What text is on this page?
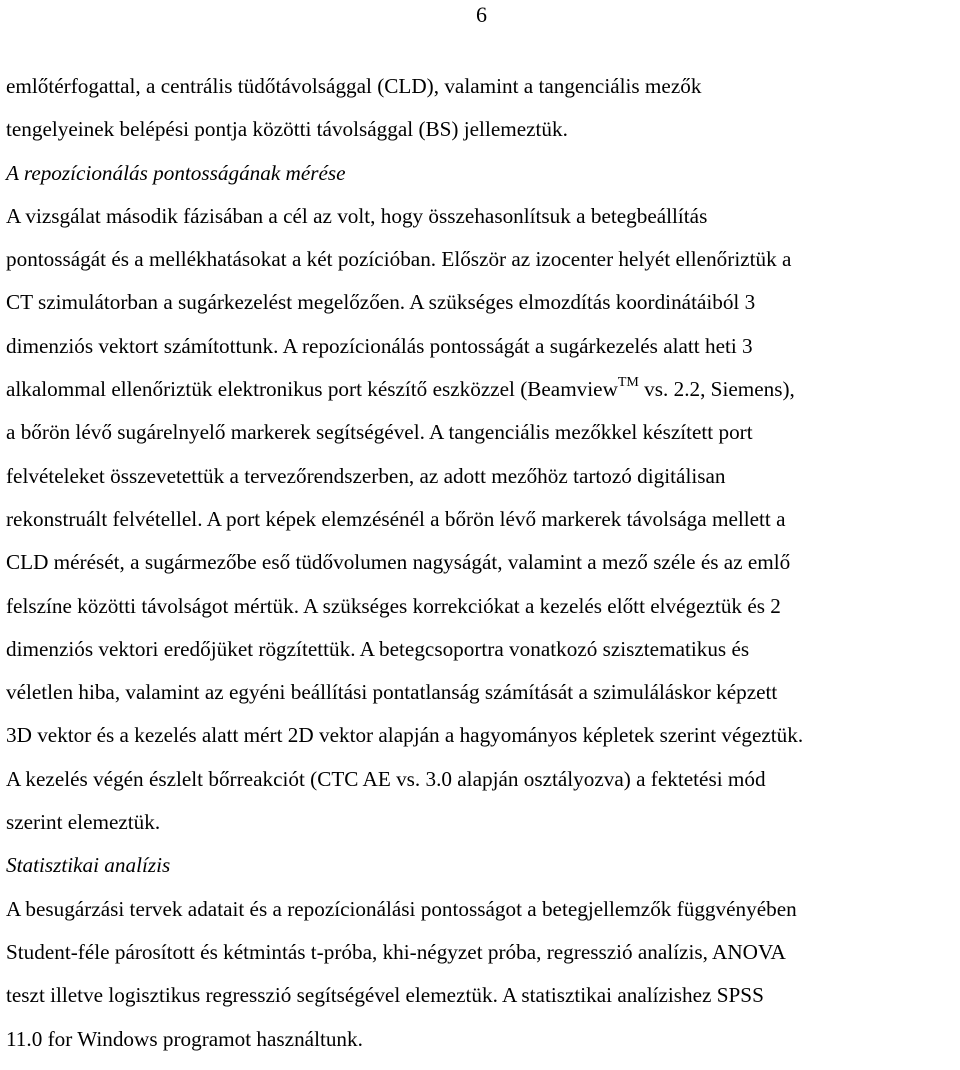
6
emlőtérfogattal, a centrális tüdőtávolsággal (CLD), valamint a tangenciális mezők
tengelyeinek belépési pontja közötti távolsággal (BS) jellemeztük.
A repozícionálás pontosságának mérése
A vizsgálat második fázisában a cél az volt, hogy összehasonlítsuk a betegbeállítás
pontosságát és a mellékhatásokat a két pozícióban. Először az izocenter helyét ellenőriztük a
CT szimulátorban a sugárkezelést megelőzően. A szükséges elmozdítás koordinátáiból 3
dimenziós vektort számítottunk. A repozícionálás pontosságát a sugárkezelés alatt heti 3
alkalommal ellenőriztük elektronikus port készítő eszközzel (Beamview™ vs. 2.2, Siemens),
a bőrön lévő sugárelnyelő markerek segítségével. A tangenciális mezőkkel készített port
felvételeket összevetettük a tervezőrendszerben, az adott mezőhöz tartozó digitálisan
rekonstruált felvétellel. A port képek elemzésénél a bőrön lévő markerek távolsága mellett a
CLD mérését, a sugármezőbe eső tüdővolumen nagyságát, valamint a mező széle és az emlő
felszíne közötti távolságot mértük. A szükséges korrekciókat a kezelés előtt elvégeztük és 2
dimenziós vektori eredőjüket rögzítettük. A betegcsoportra vonatkozó szisztematikus és
véletlen hiba, valamint az egyéni beállítási pontatlanság számítását a szimuláláskor képzett
3D vektor és a kezelés alatt mért 2D vektor alapján a hagyományos képletek szerint végeztük.
A kezelés végén észlelt bőrreakciót (CTC AE vs. 3.0 alapján osztályozva) a fektetési mód
szerint elemeztük.
Statisztikai analízis
A besugárzási tervek adatait és a repozícionálási pontosságot a betegjellemzők függvényében
Student-féle párosított és kétmintás t-próba, khi-négyzet próba, regresszió analízis, ANOVA
teszt illetve logisztikus regresszió segítségével elemeztük. A statisztikai analízishez SPSS
11.0 for Windows programot használtunk.
